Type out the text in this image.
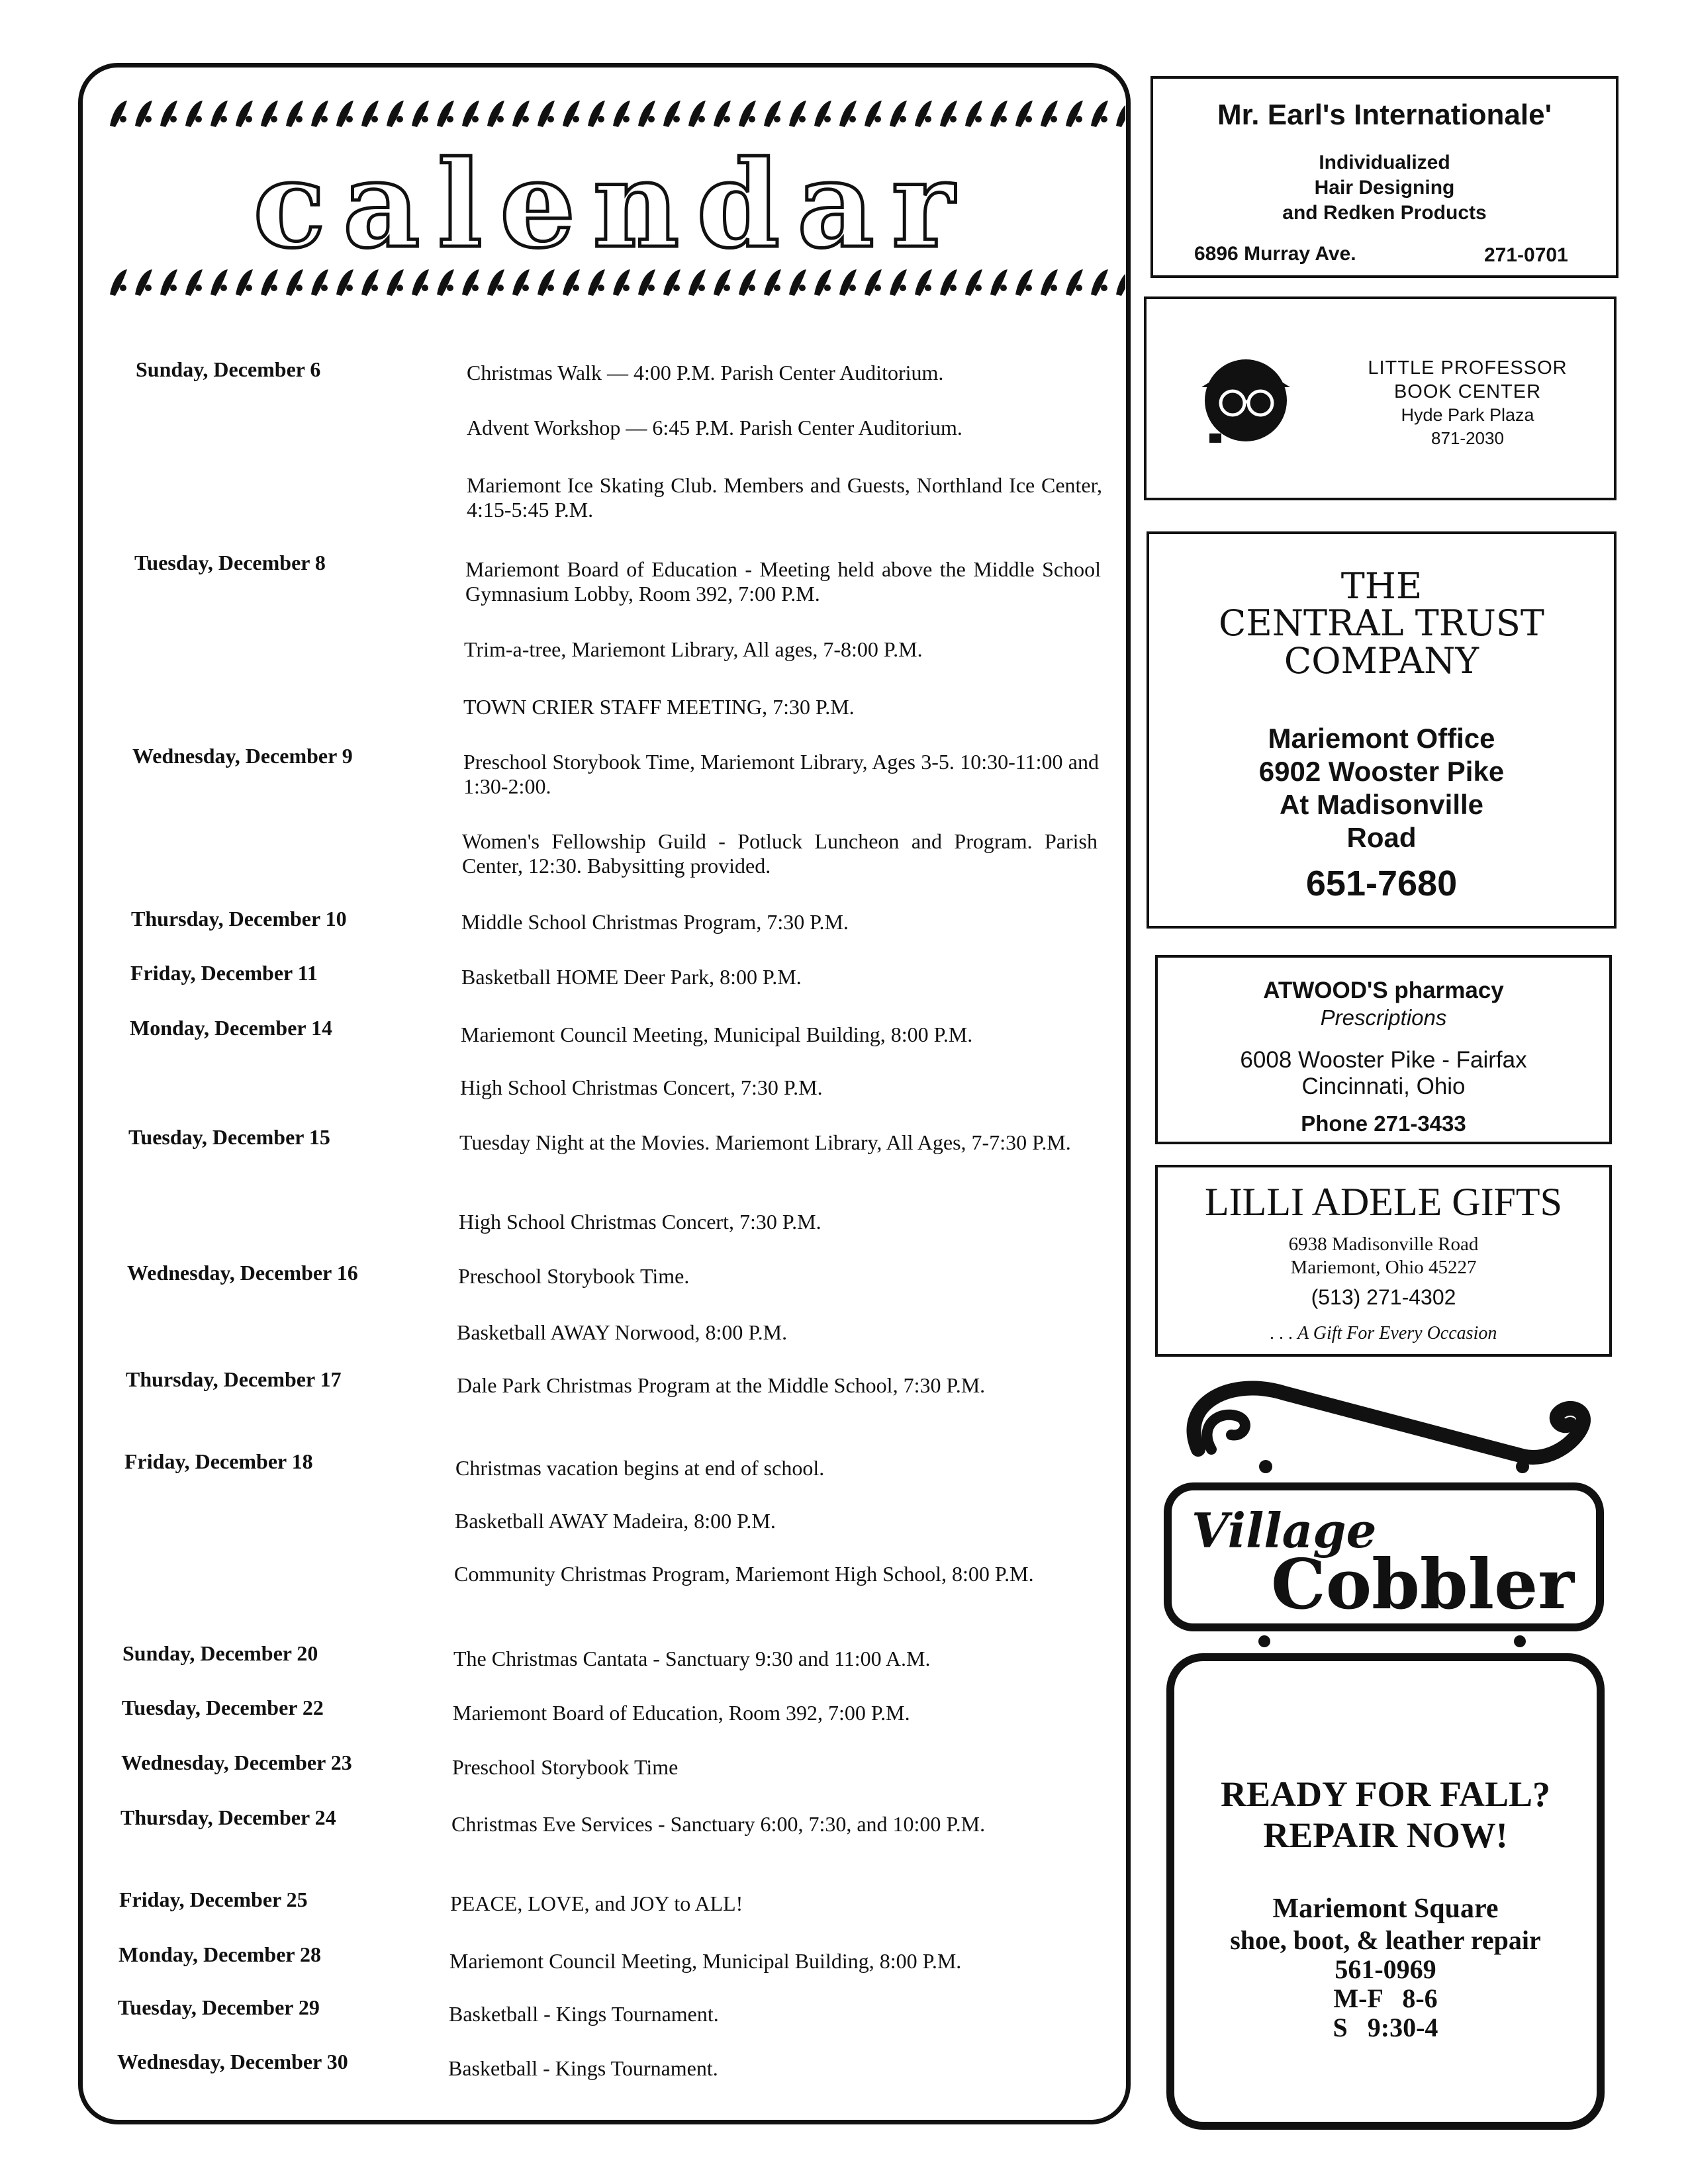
calendar
Sunday, December 6	Christmas Walk — 4:00 P.M. Parish Center Auditorium.
Advent Workshop — 6:45 P.M. Parish Center Auditorium.
Mariemont Ice Skating Club. Members and Guests, Northland Ice Center, 4:15-5:45 P.M.
Tuesday, December 8	Mariemont Board of Education - Meeting held above the Middle School Gymnasium Lobby, Room 392, 7:00 P.M.
Trim-a-tree, Mariemont Library, All ages, 7-8:00 P.M.
TOWN CRIER STAFF MEETING, 7:30 P.M.
Wednesday, December 9	Preschool Storybook Time, Mariemont Library, Ages 3-5. 10:30-11:00 and 1:30-2:00.
Women's Fellowship Guild - Potluck Luncheon and Program. Parish Center, 12:30. Babysitting provided.
Thursday, December 10	Middle School Christmas Program, 7:30 P.M.
Friday, December 11	Basketball HOME Deer Park, 8:00 P.M.
Monday, December 14	Mariemont Council Meeting, Municipal Building, 8:00 P.M.
High School Christmas Concert, 7:30 P.M.
Tuesday, December 15	Tuesday Night at the Movies. Mariemont Library, All Ages, 7-7:30 P.M.
High School Christmas Concert, 7:30 P.M.
Wednesday, December 16	Preschool Storybook Time.
Basketball AWAY Norwood, 8:00 P.M.
Thursday, December 17	Dale Park Christmas Program at the Middle School, 7:30 P.M.
Friday, December 18	Christmas vacation begins at end of school.
Basketball AWAY Madeira, 8:00 P.M.
Community Christmas Program, Mariemont High School, 8:00 P.M.
Sunday, December 20	The Christmas Cantata - Sanctuary 9:30 and 11:00 A.M.
Tuesday, December 22	Mariemont Board of Education, Room 392, 7:00 P.M.
Wednesday, December 23	Preschool Storybook Time
Thursday, December 24	Christmas Eve Services - Sanctuary 6:00, 7:30, and 10:00 P.M.
Friday, December 25	PEACE, LOVE, and JOY to ALL!
Monday, December 28	Mariemont Council Meeting, Municipal Building, 8:00 P.M.
Tuesday, December 29	Basketball - Kings Tournament.
Wednesday, December 30	Basketball - Kings Tournament.
Mr. Earl's Internationale'
Individualized
Hair Designing
and Redken Products
6896 Murray Ave.	271-0701
LITTLE PROFESSOR
BOOK CENTER
Hyde Park Plaza
871-2030
THE
CENTRAL TRUST
COMPANY
Mariemont Office
6902 Wooster Pike
At Madisonville
Road
651-7680
ATWOOD'S pharmacy
Prescriptions
6008 Wooster Pike - Fairfax
Cincinnati, Ohio
Phone 271-3433
LILLI ADELE GIFTS
6938 Madisonville Road
Mariemont, Ohio 45227
(513) 271-4302
. . . A Gift For Every Occasion
Village
Cobbler
READY FOR FALL?
REPAIR NOW!
Mariemont Square
shoe, boot, & leather repair
561-0969
M-F   8-6
S   9:30-4
